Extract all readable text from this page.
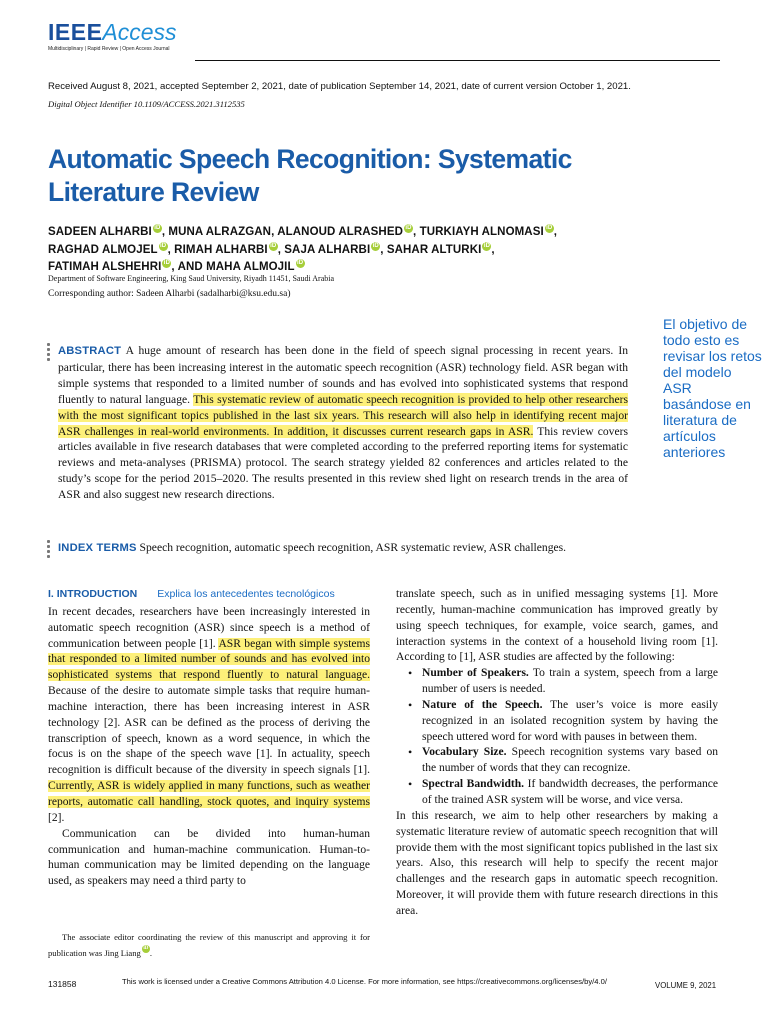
IEEEAccess
Multidisciplinary | Rapid Review | Open Access Journal
Received August 8, 2021, accepted September 2, 2021, date of publication September 14, 2021, date of current version October 1, 2021.
Digital Object Identifier 10.1109/ACCESS.2021.3112535
Automatic Speech Recognition: Systematic Literature Review
SADEEN ALHARBI iD, MUNA ALRAZGAN, ALANOUD ALRASHED iD, TURKIAYH ALNOMASI iD,
RAGHAD ALMOJEL iD, RIMAH ALHARBI iD, SAJA ALHARBI iD, SAHAR ALTURKI iD,
FATIMAH ALSHEHRI iD, AND MAHA ALMOJIL iD
Department of Software Engineering, King Saud University, Riyadh 11451, Saudi Arabia
Corresponding author: Sadeen Alharbi (sadalharbi@ksu.edu.sa)
El objetivo de todo esto es revisar los retos del modelo ASR basándose en literatura de artículos anteriores
ABSTRACT A huge amount of research has been done in the field of speech signal processing in recent years. In particular, there has been increasing interest in the automatic speech recognition (ASR) technology field. ASR began with simple systems that responded to a limited number of sounds and has evolved into sophisticated systems that respond fluently to natural language. This systematic review of automatic speech recognition is provided to help other researchers with the most significant topics published in the last six years. This research will also help in identifying recent major ASR challenges in real-world environments. In addition, it discusses current research gaps in ASR. This review covers articles available in five research databases that were completed according to the preferred reporting items for systematic reviews and meta-analyses (PRISMA) protocol. The search strategy yielded 82 conferences and articles related to the study’s scope for the period 2015–2020. The results presented in this review shed light on research trends in the area of ASR and also suggest new research directions.
INDEX TERMS Speech recognition, automatic speech recognition, ASR systematic review, ASR challenges.
I. INTRODUCTION Explica los antecedentes tecnológicos

In recent decades, researchers have been increasingly interested in automatic speech recognition (ASR) since speech is a method of communication between people [1]. ASR began with simple systems that responded to a limited number of sounds and has evolved into sophisticated systems that respond fluently to natural language. Because of the desire to automate simple tasks that require human-machine interaction, there has been increasing interest in ASR technology [2]. ASR can be defined as the process of deriving the transcription of speech, known as a word sequence, in which the focus is on the shape of the speech wave [1]. In actuality, speech recognition is difficult because of the diversity in speech signals [1]. Currently, ASR is widely applied in many functions, such as weather reports, automatic call handling, stock quotes, and inquiry systems [2].

Communication can be divided into human-human communication and human-machine communication. Human-to-human communication may be limited depending on the language used, as speakers may need a third party to

The associate editor coordinating the review of this manuscript and approving it for publication was Jing Liang iD .

translate speech, such as in unified messaging systems [1]. More recently, human-machine communication has improved greatly by using speech techniques, for example, voice search, games, and interaction systems in the context of a household living room [1]. According to [1], ASR studies are affected by the following:

• Number of Speakers. To train a system, speech from a large number of users is needed.
• Nature of the Speech. The user’s voice is more easily recognized in an isolated recognition system by having the speech uttered word for word with pauses in between them.
• Vocabulary Size. Speech recognition systems vary based on the number of words that they can recognize.
• Spectral Bandwidth. If bandwidth decreases, the performance of the trained ASR system will be worse, and vice versa.

In this research, we aim to help other researchers by making a systematic literature review of automatic speech recognition that will provide them with the most significant topics published in the last six years. Also, this research will help to specify the recent major challenges and the research gaps in automatic speech recognition. Moreover, it will provide them with future research directions in this area.

131858	This work is licensed under a Creative Commons Attribution 4.0 License. For more information, see https://creativecommons.org/licenses/by/4.0/	VOLUME 9, 2021
